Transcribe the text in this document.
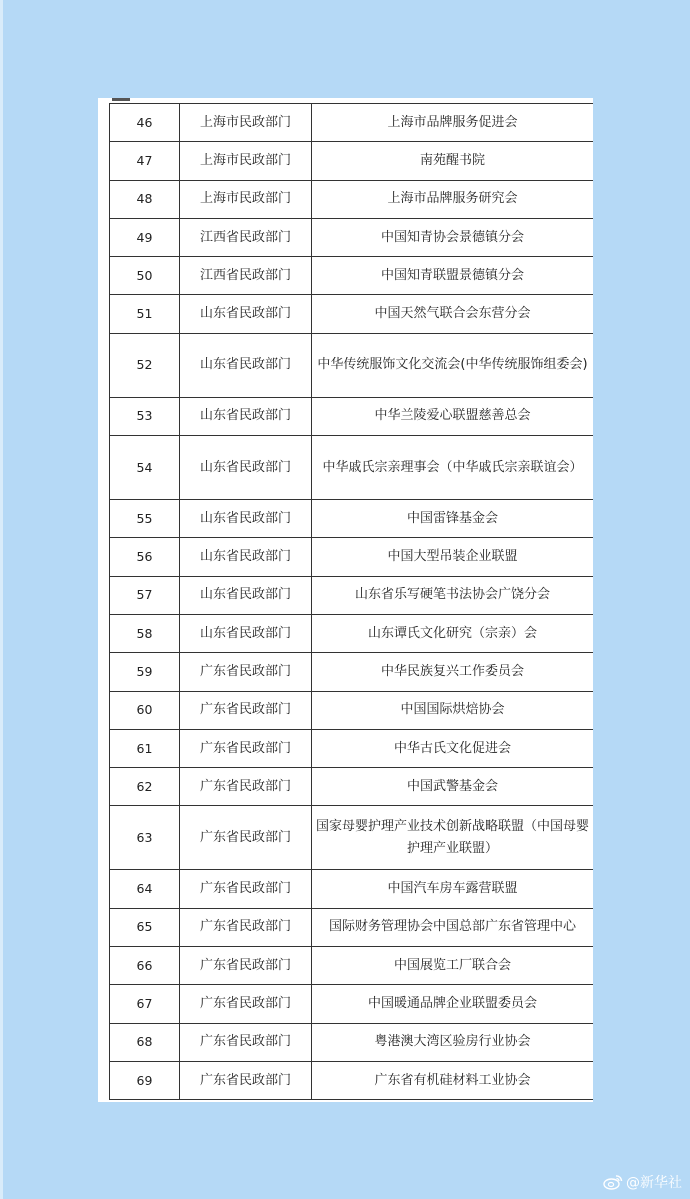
46	上海市民政部门	上海市品牌服务促进会
47	上海市民政部门	南苑醒书院
48	上海市民政部门	上海市品牌服务研究会
49	江西省民政部门	中国知青协会景德镇分会
50	江西省民政部门	中国知青联盟景德镇分会
51	山东省民政部门	中国天然气联合会东营分会
52	山东省民政部门	中华传统服饰文化交流会(中华传统服饰组委会)
53	山东省民政部门	中华兰陵爱心联盟慈善总会
54	山东省民政部门	中华戚氏宗亲理事会（中华戚氏宗亲联谊会）
55	山东省民政部门	中国雷锋基金会
56	山东省民政部门	中国大型吊装企业联盟
57	山东省民政部门	山东省乐写硬笔书法协会广饶分会
58	山东省民政部门	山东谭氏文化研究（宗亲）会
59	广东省民政部门	中华民族复兴工作委员会
60	广东省民政部门	中国国际烘焙协会
61	广东省民政部门	中华古氏文化促进会
62	广东省民政部门	中国武警基金会
63	广东省民政部门	国家母婴护理产业技术创新战略联盟（中国母婴护理产业联盟）
64	广东省民政部门	中国汽车房车露营联盟
65	广东省民政部门	国际财务管理协会中国总部广东省管理中心
66	广东省民政部门	中国展览工厂联合会
67	广东省民政部门	中国暖通品牌企业联盟委员会
68	广东省民政部门	粤港澳大湾区验房行业协会
69	广东省民政部门	广东省有机硅材料工业协会
@新华社
